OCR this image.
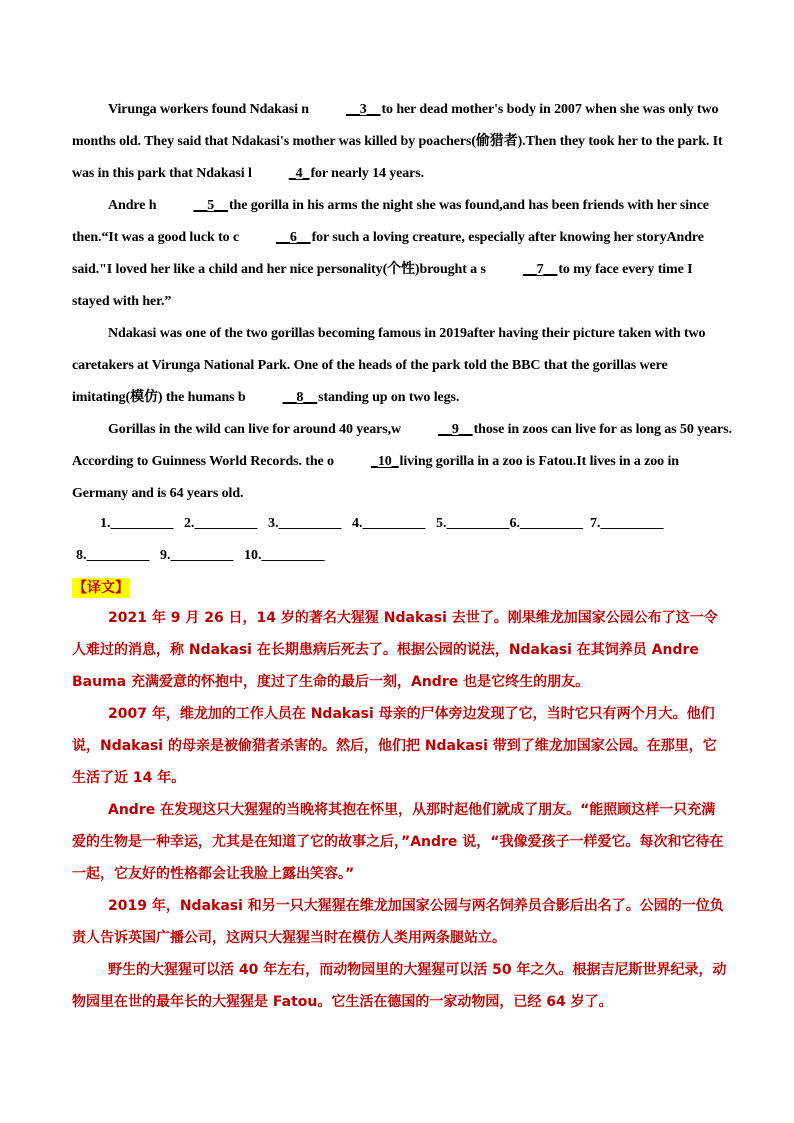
Virunga workers found Ndakasi n	__3__to her dead mother's body in 2007 when she was only two months old. They said that Ndakasi's mother was killed by poachers(偷猎者).Then they took her to the park. It was in this park that Ndakasi l	_4_for nearly 14 years.

Andre h	__5__the gorilla in his arms the night she was found,and has been friends with her since then.“It was a good luck to c	__6__for such a loving creature, especially after knowing her storyAndre said."I loved her like a child and her nice personality(个性)brought a s	__7__to my face every time I stayed with her.”

Ndakasi was one of the two gorillas becoming famous in 2019after having their picture taken with two caretakers at Virunga National Park. One of the heads of the park told the BBC that the gorillas were imitating(模仿) the humans b	__8__standing up on two legs.

Gorillas in the wild can live for around 40 years,w	__9__those in zoos can live for as long as 50 years. According to Guinness World Records. the o	_10_living gorilla in a zoo is Fatou.It lives in a zoo in Germany and is 64 years old.

1._________   2._________   3._________   4._________   5._________6._________  7._________
8._________   9._________   10._________
【译文】

2021 年 9 月 26 日，14 岁的著名大猩猩 Ndakasi 去世了。刚果维龙加国家公园公布了这一令人难过的消息，称 Ndakasi 在长期患病后死去了。根据公园的说法，Ndakasi 在其饲养员 Andre Bauma 充满爱意的怀抱中，度过了生命的最后一刻，Andre 也是它终生的朋友。

2007 年，维龙加的工作人员在 Ndakasi 母亲的尸体旁边发现了它，当时它只有两个月大。他们说，Ndakasi 的母亲是被偷猎者杀害的。然后，他们把 Ndakasi 带到了维龙加国家公园。在那里，它生活了近 14 年。

Andre 在发现这只大猩猩的当晚将其抱在怀里，从那时起他们就成了朋友。“能照顾这样一只充满爱的生物是一种幸运，尤其是在知道了它的故事之后，”Andre 说，“我像爱孩子一样爱它。每次和它待在一起，它友好的性格都会让我脸上露出笑容。”

2019 年，Ndakasi 和另一只大猩猩在维龙加国家公园与两名饲养员合影后出名了。公园的一位负责人告诉英国广播公司，这两只大猩猩当时在模仿人类用两条腿站立。

野生的大猩猩可以活 40 年左右，而动物园里的大猩猩可以活 50 年之久。根据吉尼斯世界纪录，动物园里在世的最年长的大猩猩是 Fatou。它生活在德国的一家动物园，已经 64 岁了。
